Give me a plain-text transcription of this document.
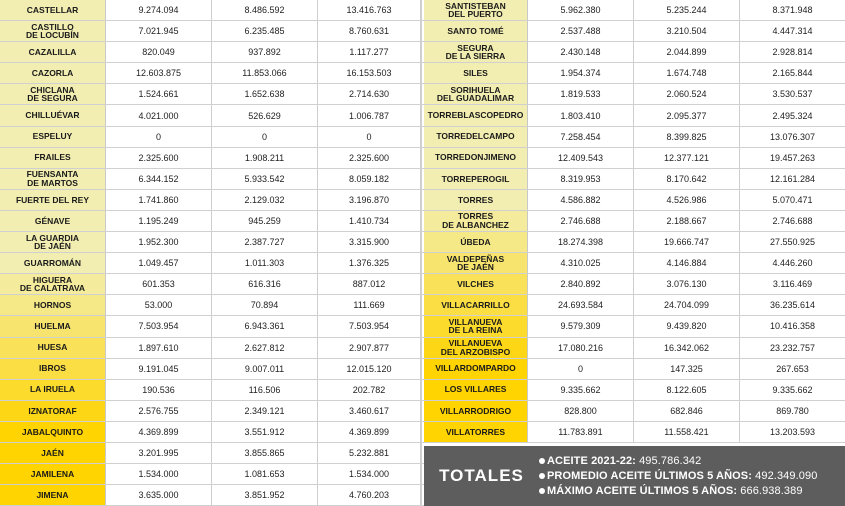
CASTELLAR	9.274.094	8.486.592	13.416.763
CASTILLO
DE LOCUBÍN	7.021.945	6.235.485	8.760.631
CAZALILLA	820.049	937.892	1.117.277
CAZORLA	12.603.875	11.853.066	16.153.503
CHICLANA
DE SEGURA	1.524.661	1.652.638	2.714.630
CHILLUÉVAR	4.021.000	526.629	1.006.787
ESPELUY	0	0	0
FRAILES	2.325.600	1.908.211	2.325.600
FUENSANTA
DE MARTOS	6.344.152	5.933.542	8.059.182
FUERTE DEL REY	1.741.860	2.129.032	3.196.870
GÉNAVE	1.195.249	945.259	1.410.734
LA GUARDIA
DE JAÉN	1.952.300	2.387.727	3.315.900
GUARROMÁN	1.049.457	1.011.303	1.376.325
HIGUERA
DE CALATRAVA	601.353	616.316	887.012
HORNOS	53.000	70.894	111.669
HUELMA	7.503.954	6.943.361	7.503.954
HUESA	1.897.610	2.627.812	2.907.877
IBROS	9.191.045	9.007.011	12.015.120
LA IRUELA	190.536	116.506	202.782
IZNATORAF	2.576.755	2.349.121	3.460.617
JABALQUINTO	4.369.899	3.551.912	4.369.899
JAÉN	3.201.995	3.855.865	5.232.881
JAMILENA	1.534.000	1.081.653	1.534.000
JIMENA	3.635.000	3.851.952	4.760.203
SANTISTEBAN
DEL PUERTO	5.962.380	5.235.244	8.371.948
SANTO TOMÉ	2.537.488	3.210.504	4.447.314
SEGURA
DE LA SIERRA	2.430.148	2.044.899	2.928.814
SILES	1.954.374	1.674.748	2.165.844
SORIHUELA
DEL GUADALIMAR	1.819.533	2.060.524	3.530.537
TORREBLASCOPEDRO	1.803.410	2.095.377	2.495.324
TORREDELCAMPO	7.258.454	8.399.825	13.076.307
TORREDONJIMENO	12.409.543	12.377.121	19.457.263
TORREPEROGIL	8.319.953	8.170.642	12.161.284
TORRES	4.586.882	4.526.986	5.070.471
TORRES
DE ALBANCHEZ	2.746.688	2.188.667	2.746.688
ÚBEDA	18.274.398	19.666.747	27.550.925
VALDEPEÑAS
DE JAÉN	4.310.025	4.146.884	4.446.260
VILCHES	2.840.892	3.076.130	3.116.469
VILLACARRILLO	24.693.584	24.704.099	36.235.614
VILLANUEVA
DE LA REINA	9.579.309	9.439.820	10.416.358
VILLANUEVA
DEL ARZOBISPO	17.080.216	16.342.062	23.232.757
VILLARDOMPARDO	0	147.325	267.653
LOS VILLARES	9.335.662	8.122.605	9.335.662
VILLARRODRIGO	828.800	682.846	869.780
VILLATORRES	11.783.891	11.558.421	13.203.593
TOTALES
ACEITE 2021-22: 495.786.342
PROMEDIO ACEITE ÚLTIMOS 5 AÑOS: 492.349.090
MÁXIMO ACEITE ÚLTIMOS 5 AÑOS: 666.938.389
